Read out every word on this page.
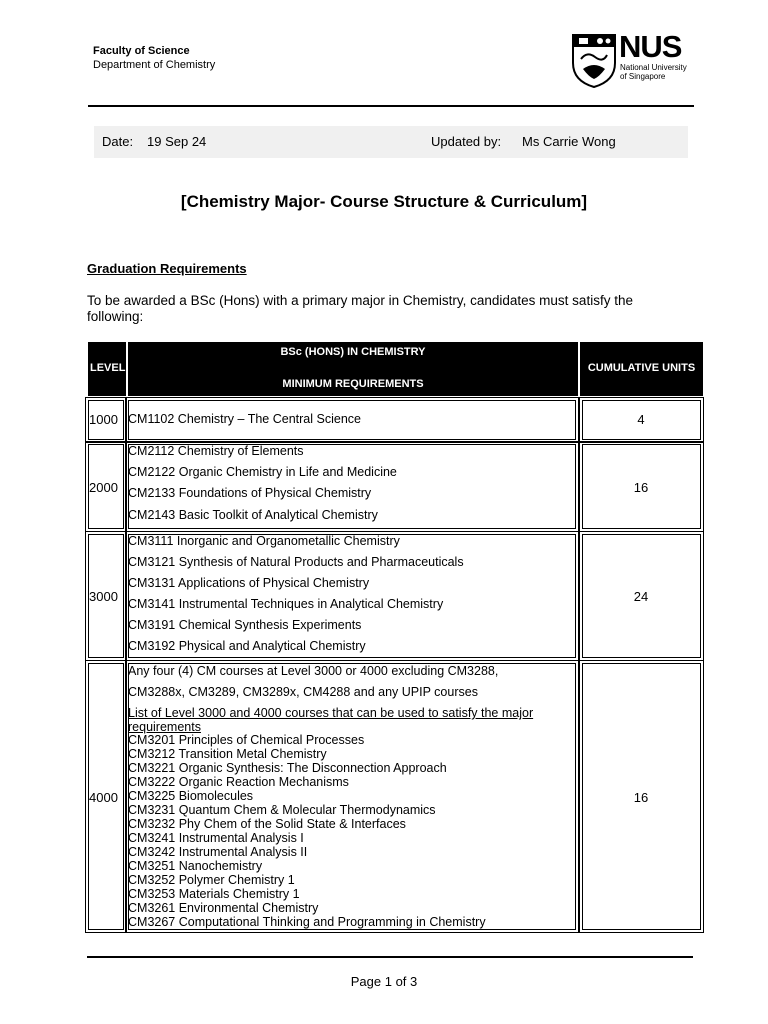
Faculty of Science
Department of Chemistry
NUS
National University
of Singapore
Date: 19 Sep 24	Updated by: Ms Carrie Wong
[Chemistry Major- Course Structure & Curriculum]
Graduation Requirements
To be awarded a BSc (Hons) with a primary major in Chemistry, candidates must satisfy the following:
LEVEL
BSc (HONS) IN CHEMISTRY
MINIMUM REQUIREMENTS
CUMULATIVE UNITS
1000 CM1102 Chemistry – The Central Science	4
2000
CM2112 Chemistry of Elements
CM2122 Organic Chemistry in Life and Medicine
CM2133 Foundations of Physical Chemistry
CM2143 Basic Toolkit of Analytical Chemistry
16
3000
CM3111 Inorganic and Organometallic Chemistry
CM3121 Synthesis of Natural Products and Pharmaceuticals
CM3131 Applications of Physical Chemistry
CM3141 Instrumental Techniques in Analytical Chemistry
CM3191 Chemical Synthesis Experiments
CM3192 Physical and Analytical Chemistry
24
4000
Any four (4) CM courses at Level 3000 or 4000 excluding CM3288,
CM3288x, CM3289, CM3289x, CM4288 and any UPIP courses
List of Level 3000 and 4000 courses that can be used to satisfy the major
requirements
CM3201 Principles of Chemical Processes
CM3212 Transition Metal Chemistry
CM3221 Organic Synthesis: The Disconnection Approach
CM3222 Organic Reaction Mechanisms
CM3225 Biomolecules
CM3231 Quantum Chem & Molecular Thermodynamics
CM3232 Phy Chem of the Solid State & Interfaces
CM3241 Instrumental Analysis I
CM3242 Instrumental Analysis II
CM3251 Nanochemistry
CM3252 Polymer Chemistry 1
CM3253 Materials Chemistry 1
CM3261 Environmental Chemistry
CM3267 Computational Thinking and Programming in Chemistry
16
Page 1 of 3
